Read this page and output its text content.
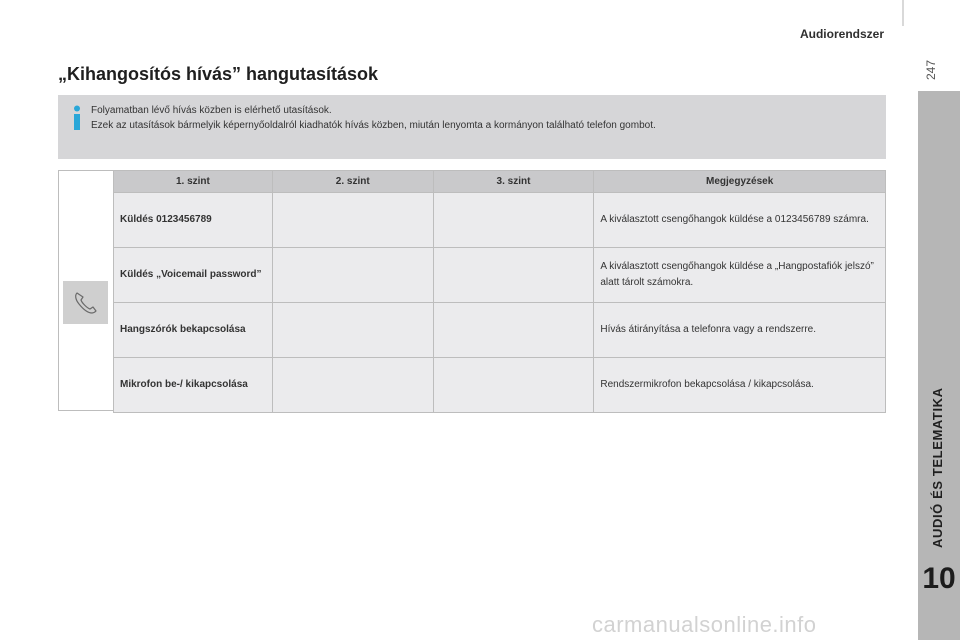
Audiorendszer
247
AUDIÓ ÉS TELEMATIKA
10
„Kihangosítós hívás” hangutasítások
Folyamatban lévő hívás közben is elérhető utasítások.
Ezek az utasítások bármelyik képernyőoldalról kiadhatók hívás közben, miután lenyomta a kormányon található telefon gombot.
1. szint	2. szint	3. szint	Megjegyzések
Küldés 0123456789			A kiválasztott csengőhangok küldése a 0123456789 számra.
Küldés „Voicemail password”			A kiválasztott csengőhangok küldése a „Hangpostafiók jelszó” alatt tárolt számokra.
Hangszórók bekapcsolása			Hívás átirányítása a telefonra vagy a rendszerre.
Mikrofon be-/ kikapcsolása			Rendszermikrofon bekapcsolása / kikapcsolása.
carmanualsonline.info
